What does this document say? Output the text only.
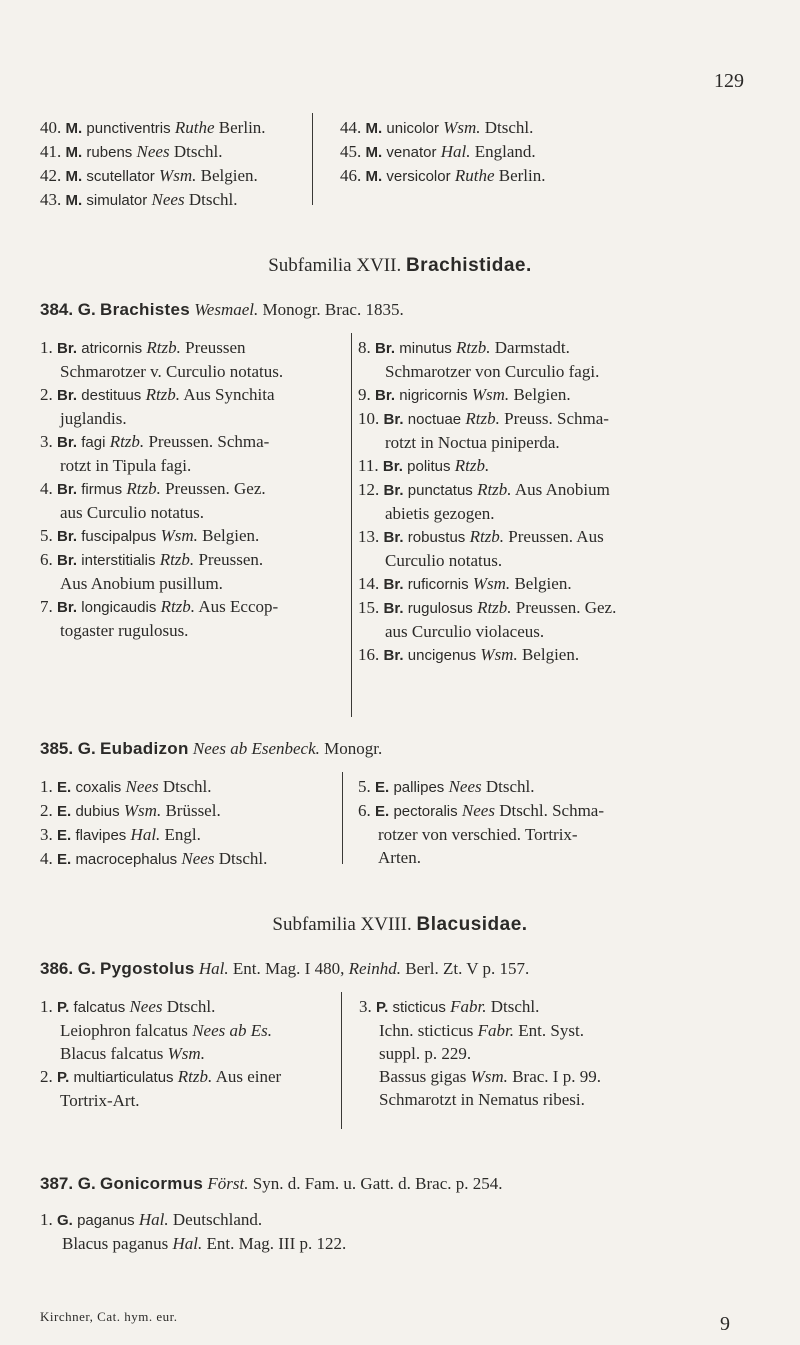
129
40. M. punctiventris Ruthe Berlin.
41. M. rubens Nees Dtschl.
42. M. scutellator Wsm. Belgien.
43. M. simulator Nees Dtschl.
44. M. unicolor Wsm. Dtschl.
45. M. venator Hal. England.
46. M. versicolor Ruthe Berlin.
Subfamilia XVII. Brachistidae.
384. G. Brachistes Wesmael. Monogr. Brac. 1835.
1. Br. atricornis Rtzb. Preussen
Schmarotzer v. Curculio notatus.
2. Br. destituus Rtzb. Aus Synchita
juglandis.
3. Br. fagi Rtzb. Preussen. Schma-
rotzt in Tipula fagi.
4. Br. firmus Rtzb. Preussen. Gez.
aus Curculio notatus.
5. Br. fuscipalpus Wsm. Belgien.
6. Br. interstitialis Rtzb. Preussen.
Aus Anobium pusillum.
7. Br. longicaudis Rtzb. Aus Eccop-
togaster rugulosus.
8. Br. minutus Rtzb. Darmstadt.
Schmarotzer von Curculio fagi.
9. Br. nigricornis Wsm. Belgien.
10. Br. noctuae Rtzb. Preuss. Schma-
rotzt in Noctua piniperda.
11. Br. politus Rtzb.
12. Br. punctatus Rtzb. Aus Anobium
abietis gezogen.
13. Br. robustus Rtzb. Preussen. Aus
Curculio notatus.
14. Br. ruficornis Wsm. Belgien.
15. Br. rugulosus Rtzb. Preussen. Gez.
aus Curculio violaceus.
16. Br. uncigenus Wsm. Belgien.
385. G. Eubadizon Nees ab Esenbeck. Monogr.
1. E. coxalis Nees Dtschl.
2. E. dubius Wsm. Brüssel.
3. E. flavipes Hal. Engl.
4. E. macrocephalus Nees Dtschl.
5. E. pallipes Nees Dtschl.
6. E. pectoralis Nees Dtschl. Schma-
rotzer von verschied. Tortrix-
Arten.
Subfamilia XVIII. Blacusidae.
386. G. Pygostolus Hal. Ent. Mag. I 480, Reinhd. Berl. Zt. V p. 157.
1. P. falcatus Nees Dtschl.
Leiophron falcatus Nees ab Es.
Blacus falcatus Wsm.
2. P. multiarticulatus Rtzb. Aus einer
Tortrix-Art.
3. P. sticticus Fabr. Dtschl.
Ichn. sticticus Fabr. Ent. Syst.
suppl. p. 229.
Bassus gigas Wsm. Brac. I p. 99.
Schmarotzt in Nematus ribesi.
387. G. Gonicormus Först. Syn. d. Fam. u. Gatt. d. Brac. p. 254.
1. G. paganus Hal. Deutschland.
Blacus paganus Hal. Ent. Mag. III p. 122.
Kirchner, Cat. hym. eur.	9
